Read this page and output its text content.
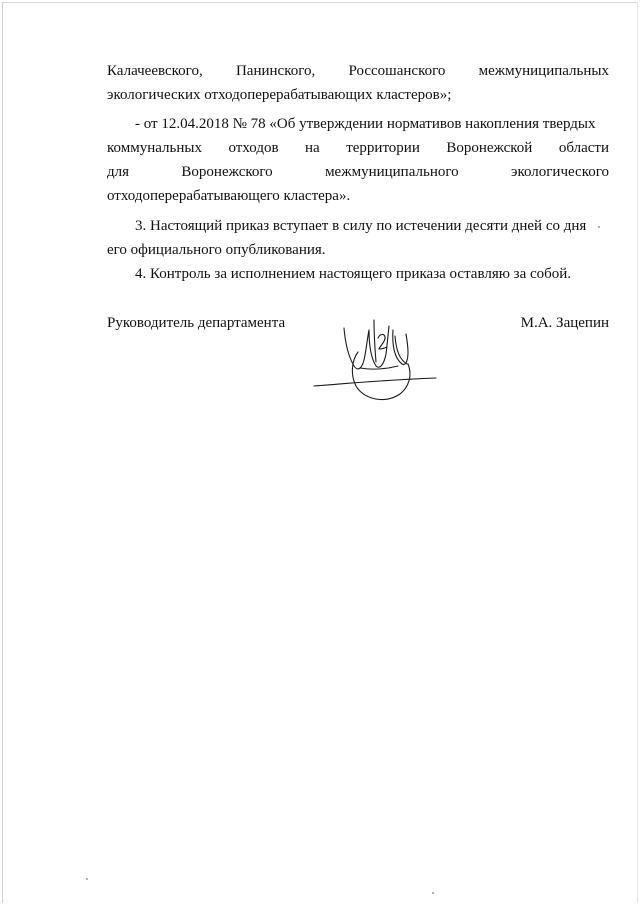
Калачеевского, Панинского, Россошанского межмуниципальных
экологических отходоперерабатывающих кластеров»;
- от 12.04.2018 № 78 «Об утверждении нормативов накопления твердых
коммунальных отходов на территории Воронежской области
для	Воронежского	межмуниципального	экологического
отходоперерабатывающего кластера».
3. Настоящий приказ вступает в силу по истечении десяти дней со дня
его официального опубликования.
4. Контроль за исполнением настоящего приказа оставляю за собой.
Руководитель департамента	М.А. Зацепин
